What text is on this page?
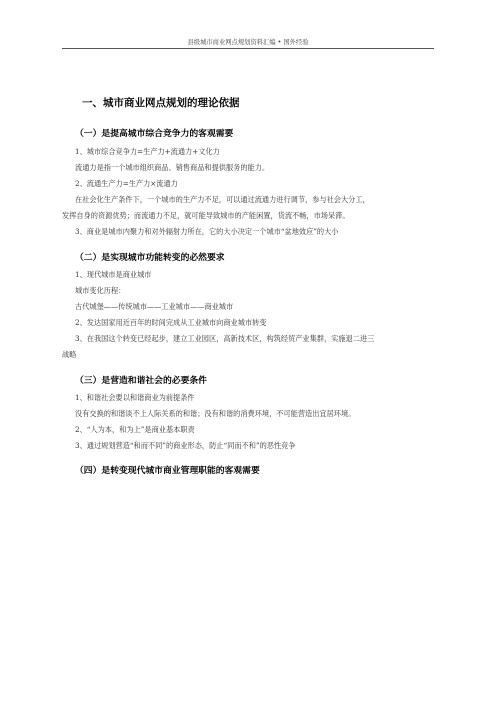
县级城市商业网点规划资料汇编 • 国外经验
一、城市商业网点规划的理论依据
（一）是提高城市综合竞争力的客观需要
1、城市综合竞争力=生产力+流通力+文化力
流通力是指一个城市组织商品、销售商品和提供服务的能力。
2、流通生产力=生产力×流通力
在社会化生产条件下，一个城市的生产力不足，可以通过流通力进行调节，参与社会大分工，
发挥自身的资源优势；而流通力不足，就可能导致城市的产能闲置，货流不畅，市场呆滞。
3、商业是城市内聚力和对外辐射力所在，它的大小决定一个城市“盆地效应”的大小
（二）是实现城市功能转变的必然要求
1、现代城市是商业城市
城市变化历程：
古代城堡——传统城市——工业城市——商业城市
2、发达国家用近百年的时间完成从工业城市向商业城市转变
3、在我国这个转变已经起步，建立工业园区，高新技术区，构筑经贸产业集群，实施退二进三
战略
（三）是营造和谐社会的必要条件
1、和谐社会要以和谐商业为前提条件
没有交换的和谐谈不上人际关系的和谐；没有和谐的消费环境，不可能营造出宜居环境。
2、“人为本，和为上”是商业基本职责
3、通过规划营造“和而不同”的商业形态，防止“同而不和”的恶性竞争
（四）是转变现代城市商业管理职能的客观需要
